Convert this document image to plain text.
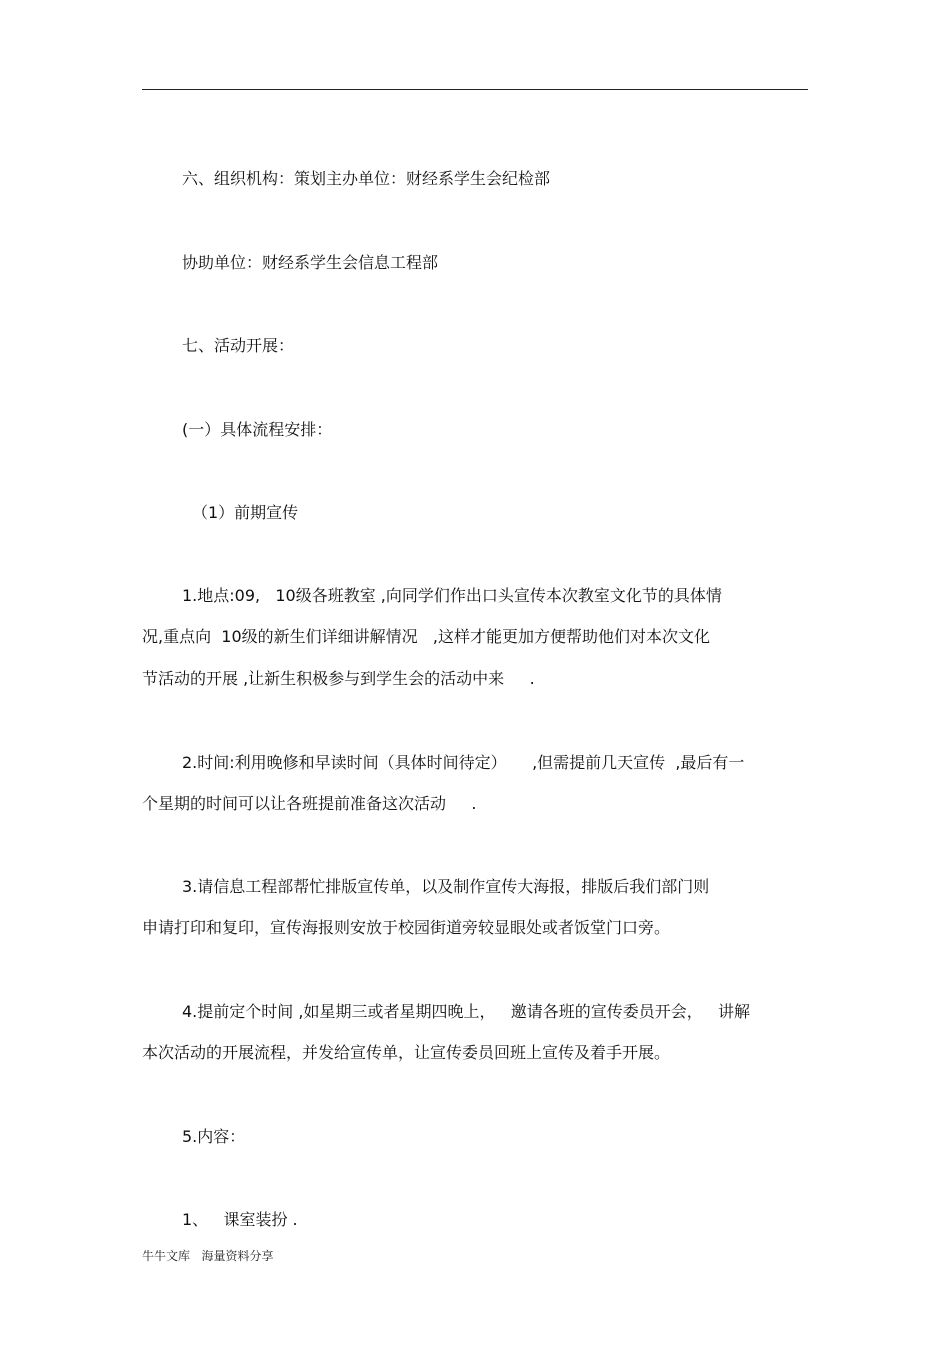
六、组织机构：策划主办单位：财经系学生会纪检部
协助单位：财经系学生会信息工程部
七、活动开展：
(一）具体流程安排：
（1）前期宣传
1.地点:09,   10级各班教室 ,向同学们作出口头宣传本次教室文化节的具体情
况,重点向  10级的新生们详细讲解情况   ,这样才能更加方便帮助他们对本次文化
节活动的开展 ,让新生积极参与到学生会的活动中来     .
2.时间:利用晚修和早读时间（具体时间待定）     ,但需提前几天宣传  ,最后有一
个星期的时间可以让各班提前准备这次活动     .
3.请信息工程部帮忙排版宣传单，以及制作宣传大海报，排版后我们部门则
申请打印和复印，宣传海报则安放于校园街道旁较显眼处或者饭堂门口旁。
4.提前定个时间 ,如星期三或者星期四晚上，   邀请各班的宣传委员开会，   讲解
本次活动的开展流程，并发给宣传单，让宣传委员回班上宣传及着手开展。
5.内容：
1、   课室装扮 .
牛牛文库   海量资料分享
